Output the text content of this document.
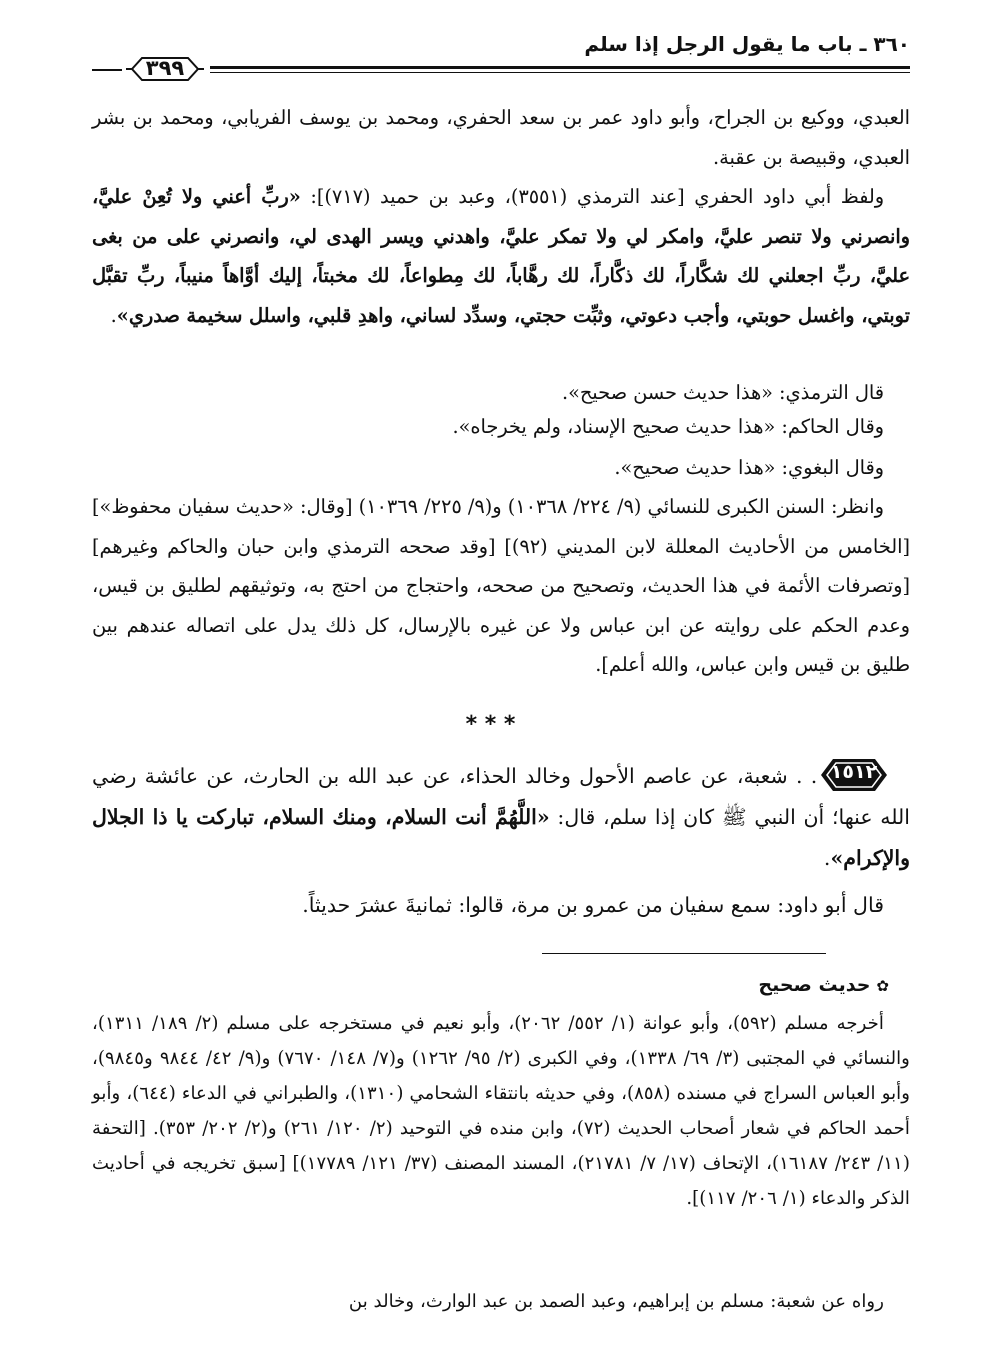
٣٦٠ ـ باب ما يقول الرجل إذا سلم
٣٩٩

العبدي، ووكيع بن الجراح، وأبو داود عمر بن سعد الحفري، ومحمد بن يوسف الفريابي، ومحمد بن بشر العبدي، وقبيصة بن عقبة.

ولفظ أبي داود الحفري [عند الترمذي (٣٥٥١)، وعبد بن حميد (٧١٧)]: «ربِّ أعني ولا تُعِنْ عليَّ، وانصرني ولا تنصر عليَّ، وامكر لي ولا تمكر عليَّ، واهدني ويسر الهدى لي، وانصرني على من بغى عليَّ، ربِّ اجعلني لك شكَّاراً، لك ذكَّاراً، لك رهَّاباً، لك مِطواعاً، لك مخبتاً، إليك أوَّاهاً منيباً، ربِّ تقبَّل توبتي، واغسل حوبتي، وأجب دعوتي، وثبِّت حجتي، وسدِّد لساني، واهدِ قلبي، واسلل سخيمة صدري».

قال الترمذي: «هذا حديث حسن صحيح».

وقال الحاكم: «هذا حديث صحيح الإسناد، ولم يخرجاه».

وقال البغوي: «هذا حديث صحيح».

وانظر: السنن الكبرى للنسائي (٩/ ٢٢٤/ ١٠٣٦٨) و(٩/ ٢٢٥/ ١٠٣٦٩) [وقال: «حديث سفيان محفوظ»] [الخامس من الأحاديث المعللة لابن المديني (٩٢)] [وقد صححه الترمذي وابن حبان والحاكم وغيرهم] [وتصرفات الأئمة في هذا الحديث، وتصحيح من صححه، واحتجاج من احتج به، وتوثيقهم لطليق بن قيس، وعدم الحكم على روايته عن ابن عباس ولا عن غيره بالإرسال، كل ذلك يدل على اتصاله عندهم بين طليق بن قيس وابن عباس، والله أعلم].

* * *
١٥١٢

. . . شعبة، عن عاصم الأحول وخالد الحذاء، عن عبد الله بن الحارث، عن عائشة رضي الله عنها؛ أن النبي ﷺ كان إذا سلم، قال: «اللَّهُمَّ أنت السلام، ومنك السلام، تباركت يا ذا الجلال والإكرام».

قال أبو داود: سمع سفيان من عمرو بن مرة، قالوا: ثمانيةَ عشرَ حديثاً.

✿حديث صحيح

أخرجه مسلم (٥٩٢)، وأبو عوانة (١/ ٥٥٢/ ٢٠٦٢)، وأبو نعيم في مستخرجه على مسلم (٢/ ١٨٩/ ١٣١١)، والنسائي في المجتبى (٣/ ٦٩/ ١٣٣٨)، وفي الكبرى (٢/ ٩٥/ ١٢٦٢) و(٧/ ١٤٨/ ٧٦٧٠) و(٩/ ٤٢/ ٩٨٤٤ و٩٨٤٥)، وأبو العباس السراج في مسنده (٨٥٨)، وفي حديثه بانتقاء الشحامي (١٣١٠)، والطبراني في الدعاء (٦٤٤)، وأبو أحمد الحاكم في شعار أصحاب الحديث (٧٢)، وابن منده في التوحيد (٢/ ١٢٠/ ٢٦١) و(٢/ ٢٠٢/ ٣٥٣). [التحفة (١١/ ٢٤٣/ ١٦١٨٧)، الإتحاف (١٧/ ٧/ ٢١٧٨١)، المسند المصنف (٣٧/ ١٢١/ ١٧٧٨٩)] [سبق تخريجه في أحاديث الذكر والدعاء (١/ ٢٠٦/ ١١٧)].

رواه عن شعبة: مسلم بن إبراهيم، وعبد الصمد بن عبد الوارث، وخالد بن
